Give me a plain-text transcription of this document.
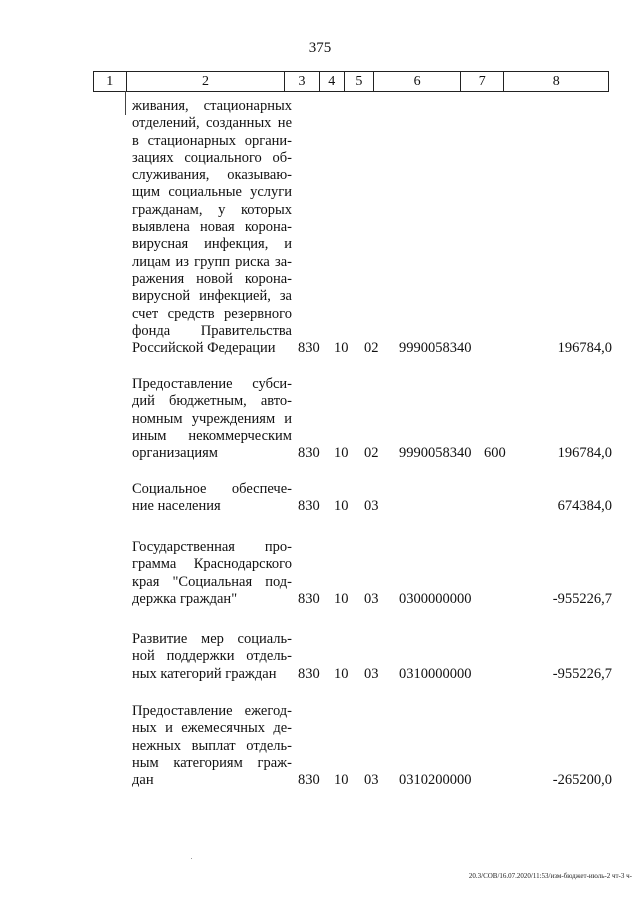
375
1	2	3	4	5	6	7	8
живания, стационарных
отделений, созданных не
в стационарных органи-
зациях социального об-
служивания, оказываю-
щим социальные услуги
гражданам, у которых
выявлена новая корона-
вирусная инфекция, и
лицам из групп риска за-
ражения новой корона-
вирусной инфекцией, за
счет средств резервного
фонда Правительства
Российской Федерации	830 10 02 9990058340	196784,0
Предоставление субси-
дий бюджетным, авто-
номным учреждениям и
иным некоммерческим
организациям	830 10 02 9990058340 600	196784,0
Социальное обеспече-
ние населения	830 10 03	674384,0
Государственная про-
грамма Краснодарского
края "Социальная под-
держка граждан"	830 10 03 0300000000	-955226,7
Развитие мер социаль-
ной поддержки отдель-
ных категорий граждан	830 10 03 0310000000	-955226,7
Предоставление ежегод-
ных и ежемесячных де-
нежных выплат отдель-
ным категориям граж-
дан	830 10 03 0310200000	-265200,0
20.3/СОВ/16.07.2020/11:53/изм-бюджет-июль-2 чт-3 ч-
